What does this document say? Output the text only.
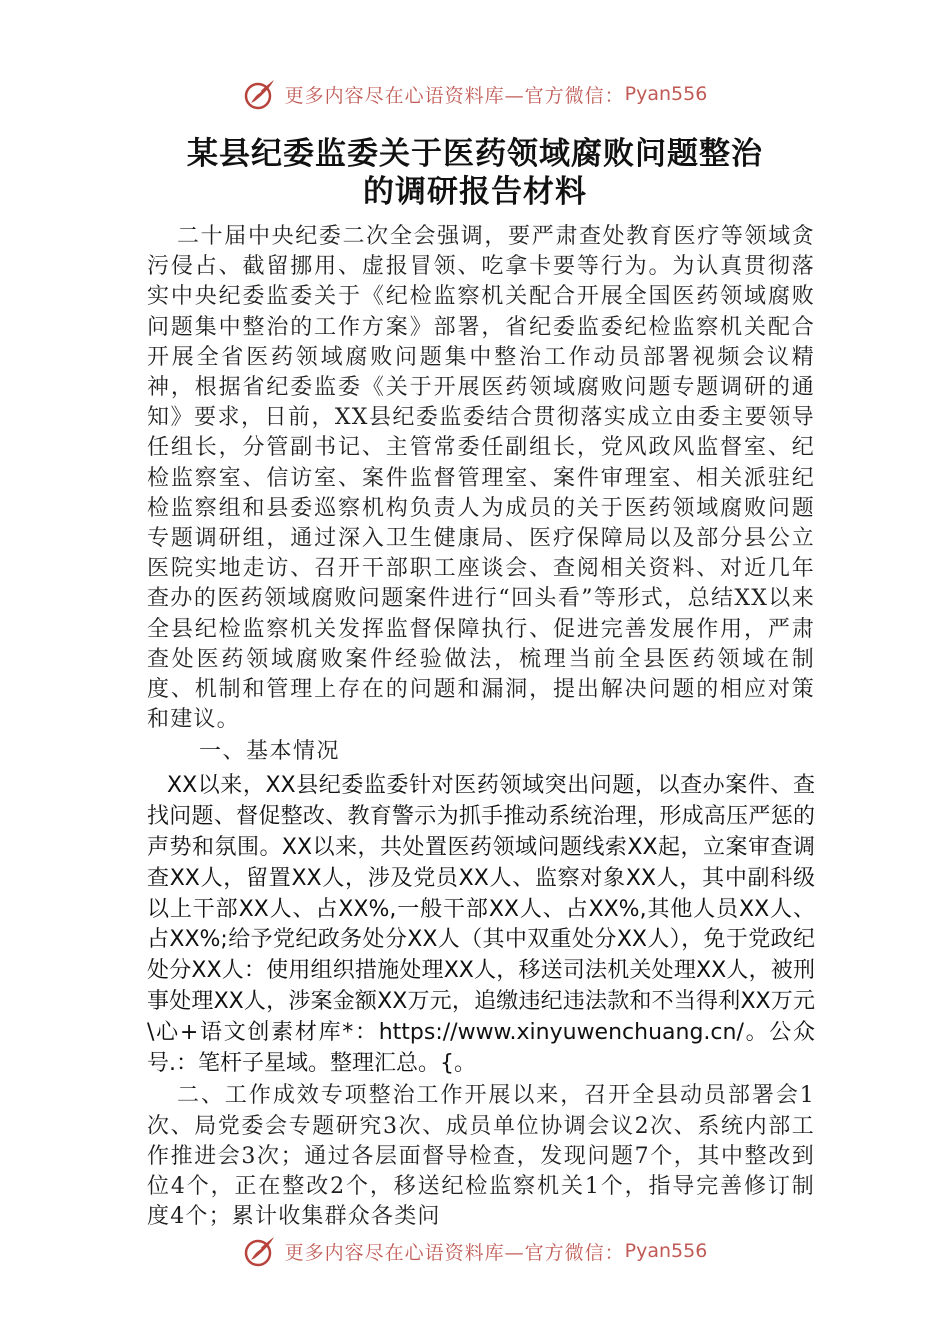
更多内容尽在心语资料库—官方微信： Pyan556
某县纪委监委关于医药领域腐败问题整治
的调研报告材料

二十届中央纪委二次全会强调，要严肃查处教育医疗等领域贪污侵占、截留挪用、虚报冒领、吃拿卡要等行为。为认真贯彻落实中央纪委监委关于《纪检监察机关配合开展全国医药领域腐败问题集中整治的工作方案》部署，省纪委监委纪检监察机关配合开展全省医药领域腐败问题集中整治工作动员部署视频会议精神，根据省纪委监委《关于开展医药领域腐败问题专题调研的通知》要求，日前，XX县纪委监委结合贯彻落实成立由委主要领导任组长，分管副书记、主管常委任副组长，党风政风监督室、纪检监察室、信访室、案件监督管理室、案件审理室、相关派驻纪检监察组和县委巡察机构负责人为成员的关于医药领域腐败问题专题调研组，通过深入卫生健康局、医疗保障局以及部分县公立医院实地走访、召开干部职工座谈会、查阅相关资料、对近几年查办的医药领域腐败问题案件进行“回头看”等形式，总结XX以来全县纪检监察机关发挥监督保障执行、促进完善发展作用，严肃查处医药领域腐败案件经验做法，梳理当前全县医药领域在制度、机制和管理上存在的问题和漏洞，提出解决问题的相应对策和建议。

一、基本情况

XX以来，XX县纪委监委针对医药领域突出问题，以查办案件、查找问题、督促整改、教育警示为抓手推动系统治理，形成高压严惩的声势和氛围。XX以来，共处置医药领域问题线索XX起，立案审查调查XX人，留置XX人，涉及党员XX人、监察对象XX人，其中副科级以上干部XX人、占XX%,一般干部XX人、占XX%,其他人员XX人、占XX%;给予党纪政务处分XX人（其中双重处分XX人），免于党政纪处分XX人：使用组织措施处理XX人，移送司法机关处理XX人，被刑事处理XX人，涉案金额XX万元，追缴违纪违法款和不当得利XX万元\心+语文创素材库*：https://www.xinyuwenchuang.cn/。公众号.：笔杆子星域。整理汇总。{。

二、工作成效专项整治工作开展以来，召开全县动员部署会1次、局党委会专题研究3次、成员单位协调会议2次、系统内部工作推进会3次；通过各层面督导检查，发现问题7个，其中整改到位4个，正在整改2个，移送纪检监察机关1个，指导完善修订制度4个；累计收集群众各类问

更多内容尽在心语资料库—官方微信： Pyan556
